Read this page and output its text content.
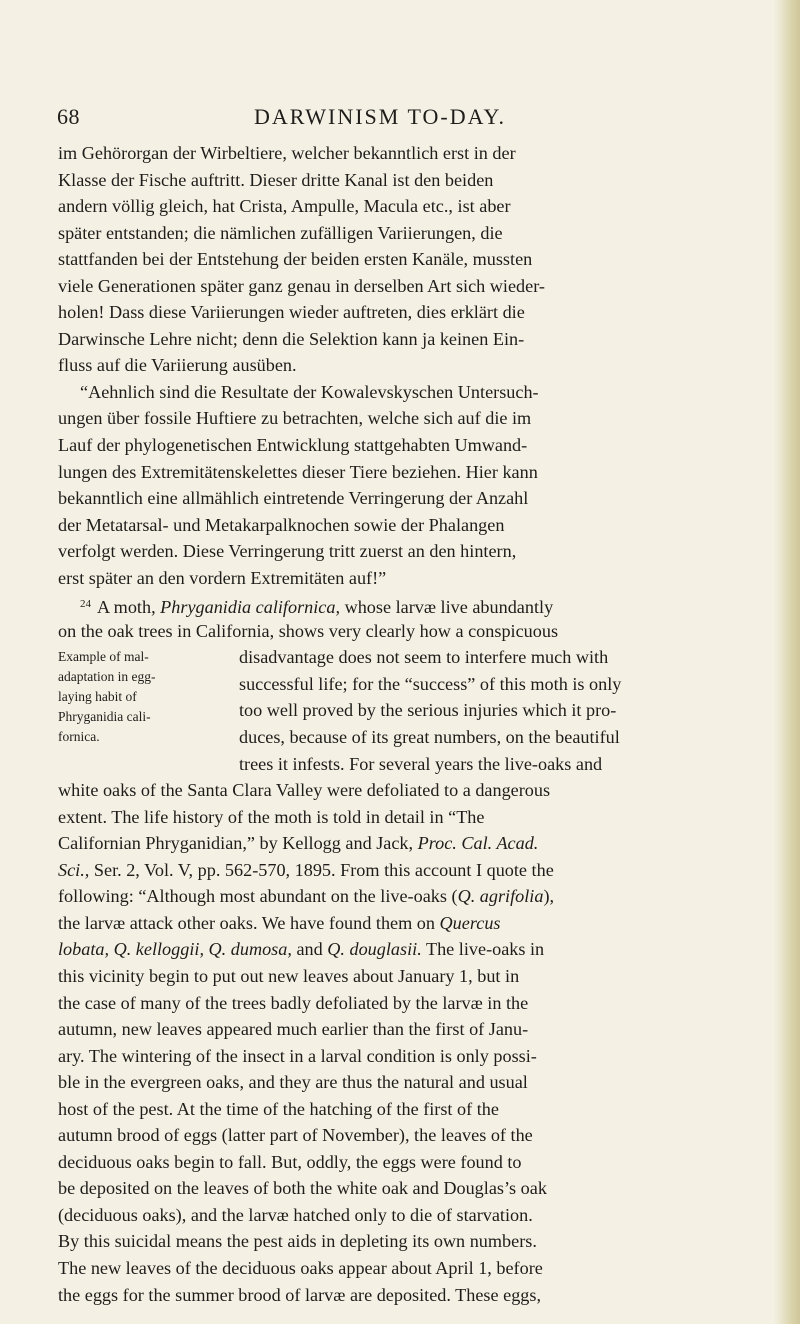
68	DARWINISM TO-DAY.
Example of mal-
adaptation in egg-
laying habit of
Phryganidia cali-
fornica.
im Gehörorgan der Wirbeltiere, welcher bekanntlich erst in der
Klasse der Fische auftritt. Dieser dritte Kanal ist den beiden
andern völlig gleich, hat Crista, Ampulle, Macula etc., ist aber
später entstanden; die nämlichen zufälligen Variierungen, die
stattfanden bei der Entstehung der beiden ersten Kanäle, mussten
viele Generationen später ganz genau in derselben Art sich wieder-
holen! Dass diese Variierungen wieder auftreten, dies erklärt die
Darwinsche Lehre nicht; denn die Selektion kann ja keinen Ein-
fluss auf die Variierung ausüben.
“Aehnlich sind die Resultate der Kowalevskyschen Untersuch-
ungen über fossile Huftiere zu betrachten, welche sich auf die im
Lauf der phylogenetischen Entwicklung stattgehabten Umwand-
lungen des Extremitätenskelettes dieser Tiere beziehen. Hier kann
bekanntlich eine allmählich eintretende Verringerung der Anzahl
der Metatarsal- und Metakarpalknochen sowie der Phalangen
verfolgt werden. Diese Verringerung tritt zuerst an den hintern,
erst später an den vordern Extremitäten auf!”
$^{24}$ A moth, Phryganidia californica, whose larvæ live abundantly
on the oak trees in California, shows very clearly how a conspicuous
disadvantage does not seem to interfere much with
successful life; for the “success” of this moth is only
too well proved by the serious injuries which it pro-
duces, because of its great numbers, on the beautiful
trees it infests. For several years the live-oaks and
white oaks of the Santa Clara Valley were defoliated to a dangerous
extent. The life history of the moth is told in detail in “The
Californian Phryganidian,” by Kellogg and Jack, Proc. Cal. Acad.
Sci., Ser. 2, Vol. V, pp. 562-570, 1895. From this account I quote the
following: “Although most abundant on the live-oaks (Q. agrifolia),
the larvæ attack other oaks. We have found them on Quercus
lobata, Q. kelloggii, Q. dumosa, and Q. douglasii. The live-oaks in
this vicinity begin to put out new leaves about January 1, but in
the case of many of the trees badly defoliated by the larvæ in the
autumn, new leaves appeared much earlier than the first of Janu-
ary. The wintering of the insect in a larval condition is only possi-
ble in the evergreen oaks, and they are thus the natural and usual
host of the pest. At the time of the hatching of the first of the
autumn brood of eggs (latter part of November), the leaves of the
deciduous oaks begin to fall. But, oddly, the eggs were found to
be deposited on the leaves of both the white oak and Douglas’s oak
(deciduous oaks), and the larvæ hatched only to die of starvation.
By this suicidal means the pest aids in depleting its own numbers.
The new leaves of the deciduous oaks appear about April 1, before
the eggs for the summer brood of larvæ are deposited. These eggs,
